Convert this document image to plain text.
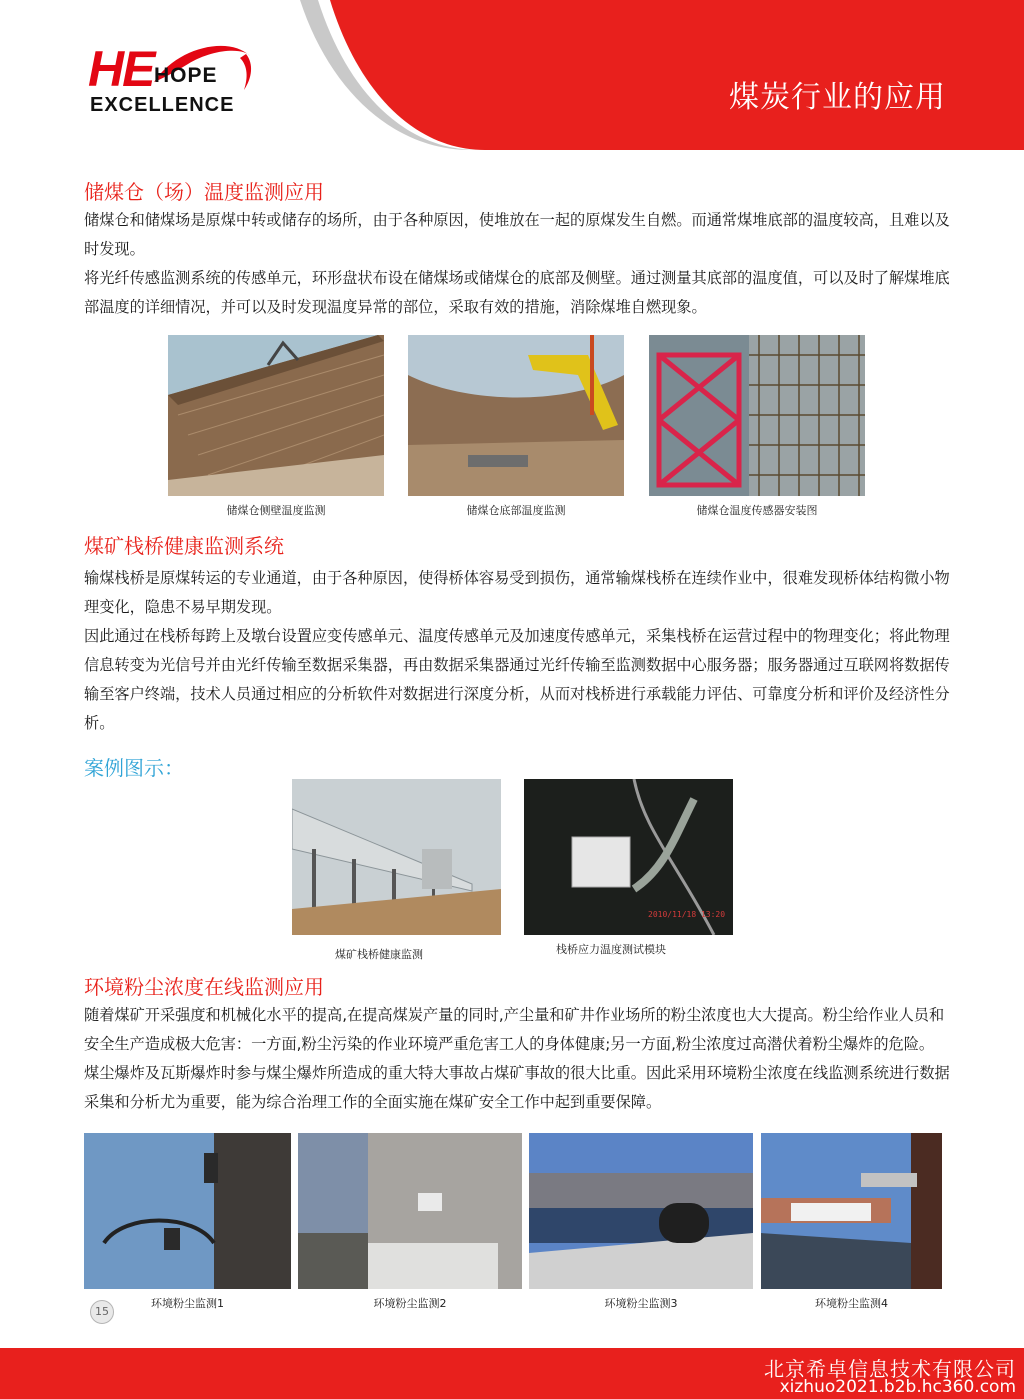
煤炭行业的应用
HE HOPE
EXCELLENCE
储煤仓（场）温度监测应用

储煤仓和储煤场是原煤中转或储存的场所，由于各种原因，使堆放在一起的原煤发生自燃。而通常煤堆底部的温度较高，且难以及时发现。

将光纤传感监测系统的传感单元，环形盘状布设在储煤场或储煤仓的底部及侧壁。通过测量其底部的温度值，可以及时了解煤堆底部温度的详细情况，并可以及时发现温度异常的部位，采取有效的措施，消除煤堆自燃现象。

储煤仓侧壁温度监测	储煤仓底部温度监测	储煤仓温度传感器安装图
煤矿栈桥健康监测系统

输煤栈桥是原煤转运的专业通道，由于各种原因，使得桥体容易受到损伤，通常输煤栈桥在连续作业中，很难发现桥体结构微小物理变化，隐患不易早期发现。

因此通过在栈桥每跨上及墩台设置应变传感单元、温度传感单元及加速度传感单元，采集栈桥在运营过程中的物理变化；将此物理信息转变为光信号并由光纤传输至数据采集器，再由数据采集器通过光纤传输至监测数据中心服务器；服务器通过互联网将数据传输至客户终端，技术人员通过相应的分析软件对数据进行深度分析，从而对栈桥进行承载能力评估、可靠度分析和评价及经济性分析。

案例图示：
2010/11/18 13:20
煤矿栈桥健康监测	栈桥应力温度测试模块
环境粉尘浓度在线监测应用

随着煤矿开采强度和机械化水平的提高,在提高煤炭产量的同时,产尘量和矿井作业场所的粉尘浓度也大大提高。粉尘给作业人员和安全生产造成极大危害：一方面,粉尘污染的作业环境严重危害工人的身体健康;另一方面,粉尘浓度过高潜伏着粉尘爆炸的危险。 煤尘爆炸及瓦斯爆炸时参与煤尘爆炸所造成的重大特大事故占煤矿事故的很大比重。因此采用环境粉尘浓度在线监测系统进行数据采集和分析尤为重要，能为综合治理工作的全面实施在煤矿安全工作中起到重要保障。

环境粉尘监测1	环境粉尘监测2	环境粉尘监测3	环境粉尘监测4
15
北京希卓信息技术有限公司
xizhuo2021.b2b.hc360.com
